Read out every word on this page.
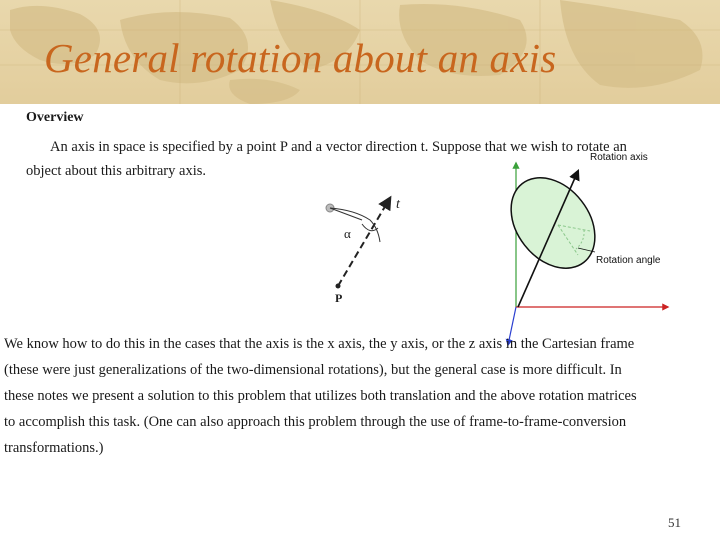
General rotation about an axis
Overview

An axis in space is specified by a point P and a vector direction t. Suppose that we wish to rotate an
object about this arbitrary axis.

t
α
P
Rotation axis
Rotation angle

We know how to do this in the cases that the axis is the x axis, the y axis, or the z axis in the Cartesian frame
(these were just generalizations of the two-dimensional rotations), but the general case is more difficult. In
these notes we present a solution to this problem that utilizes both translation and the above rotation matrices
to accomplish this task. (One can also approach this problem through the use of frame-to-frame-conversion
transformations.)

51
